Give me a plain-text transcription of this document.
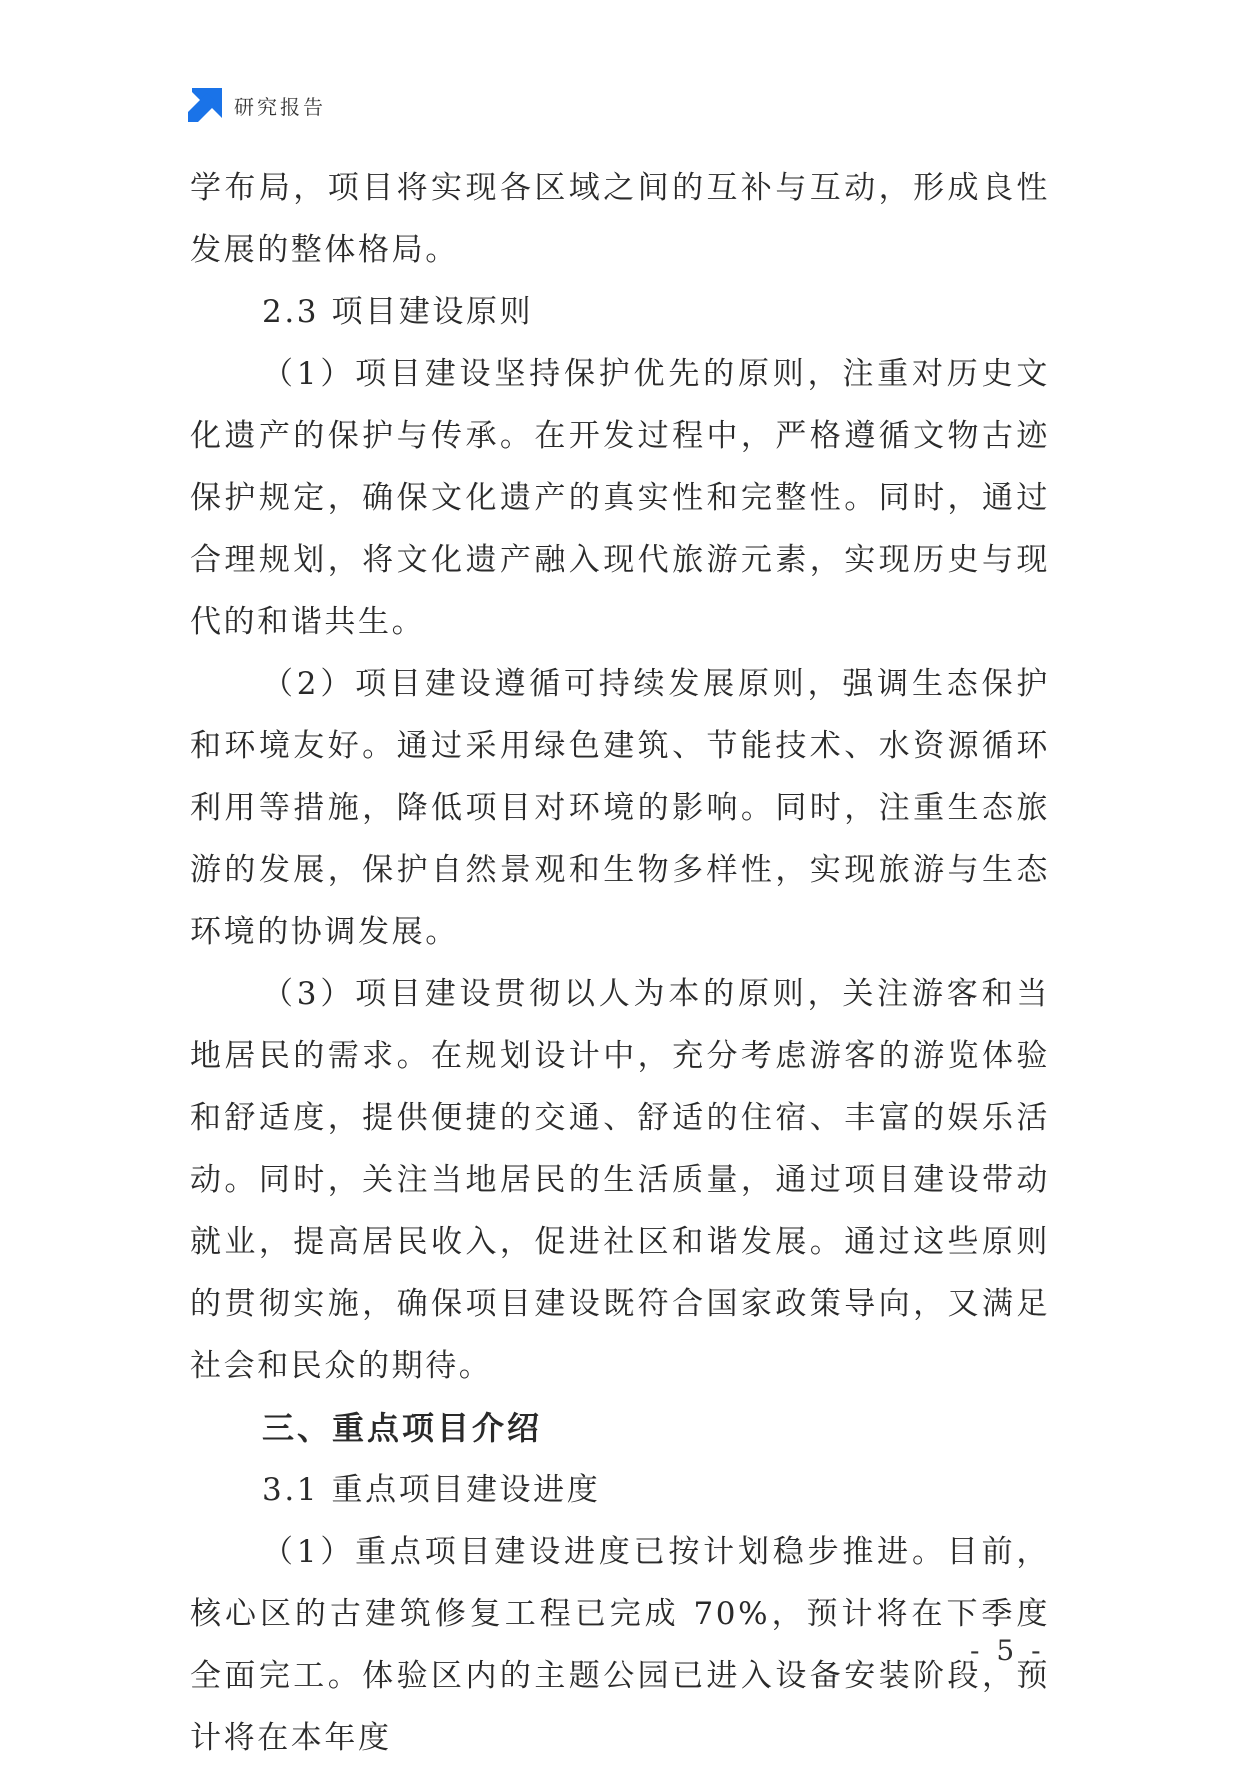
研究报告

学布局，项目将实现各区域之间的互补与互动，形成良性发展的整体格局。

2.3 项目建设原则

（1）项目建设坚持保护优先的原则，注重对历史文化遗产的保护与传承。在开发过程中，严格遵循文物古迹保护规定，确保文化遗产的真实性和完整性。同时，通过合理规划，将文化遗产融入现代旅游元素，实现历史与现代的和谐共生。

（2）项目建设遵循可持续发展原则，强调生态保护和环境友好。通过采用绿色建筑、节能技术、水资源循环利用等措施，降低项目对环境的影响。同时，注重生态旅游的发展，保护自然景观和生物多样性，实现旅游与生态环境的协调发展。

（3）项目建设贯彻以人为本的原则，关注游客和当地居民的需求。在规划设计中，充分考虑游客的游览体验和舒适度，提供便捷的交通、舒适的住宿、丰富的娱乐活动。同时，关注当地居民的生活质量，通过项目建设带动就业，提高居民收入，促进社区和谐发展。通过这些原则的贯彻实施，确保项目建设既符合国家政策导向，又满足社会和民众的期待。

三、重点项目介绍

3.1 重点项目建设进度

（1）重点项目建设进度已按计划稳步推进。目前，核心区的古建筑修复工程已完成 70%，预计将在下季度全面完工。体验区内的主题公园已进入设备安装阶段，预计将在本年度

- 5 -
